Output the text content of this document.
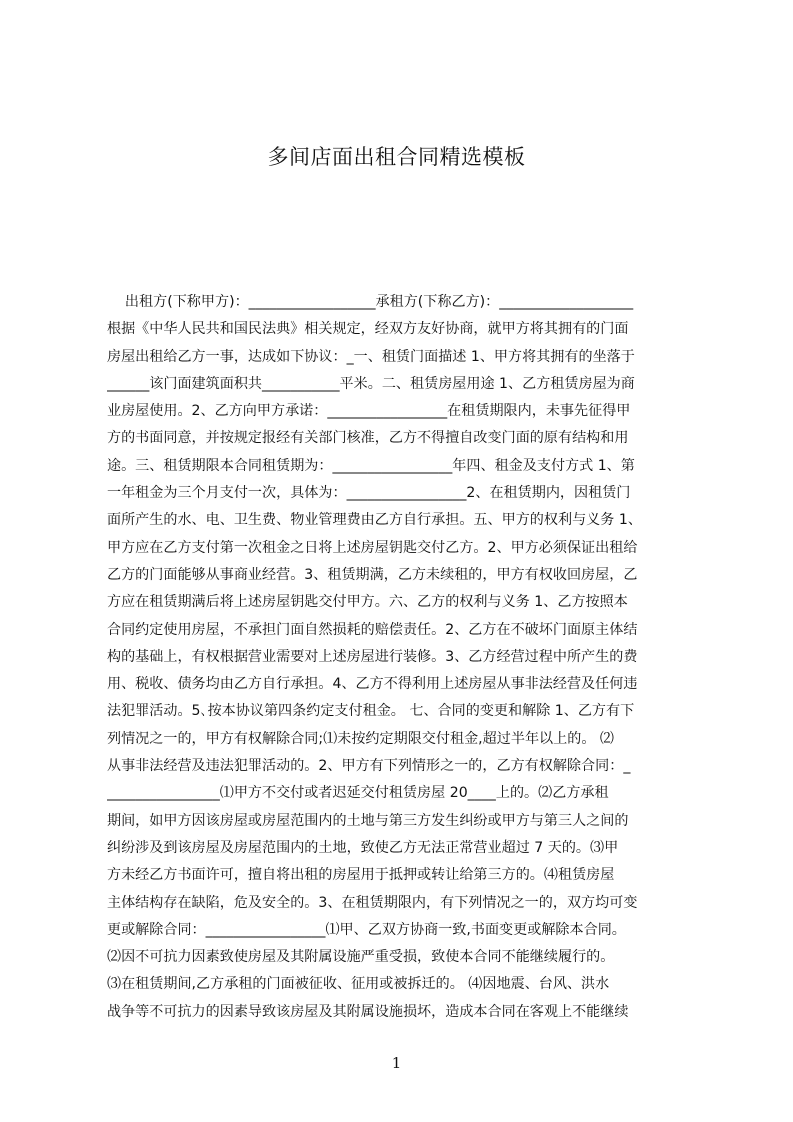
多间店面出租合同精选模板
出租方(下称甲方)：__________________承租方(下称乙方)：___________________
根据《中华人民共和国民法典》相关规定，经双方友好协商，就甲方将其拥有的门面
房屋出租给乙方一事，达成如下协议：_一、租赁门面描述 1、甲方将其拥有的坐落于
______该门面建筑面积共___________平米。二、租赁房屋用途 1、乙方租赁房屋为商
业房屋使用。2、乙方向甲方承诺：_________________在租赁期限内，未事先征得甲
方的书面同意，并按规定报经有关部门核准，乙方不得擅自改变门面的原有结构和用
途。三、租赁期限本合同租赁期为：_________________年四、租金及支付方式 1、第
一年租金为三个月支付一次，具体为：_________________2、在租赁期内，因租赁门
面所产生的水、电、卫生费、物业管理费由乙方自行承担。五、甲方的权利与义务 1、
甲方应在乙方支付第一次租金之日将上述房屋钥匙交付乙方。2、甲方必须保证出租给
乙方的门面能够从事商业经营。3、租赁期满，乙方未续租的，甲方有权收回房屋，乙
方应在租赁期满后将上述房屋钥匙交付甲方。六、乙方的权利与义务 1、乙方按照本
合同约定使用房屋，不承担门面自然损耗的赔偿责任。2、乙方在不破坏门面原主体结
构的基础上，有权根据营业需要对上述房屋进行装修。3、乙方经营过程中所产生的费
用、税收、债务均由乙方自行承担。4、乙方不得利用上述房屋从事非法经营及任何违
法犯罪活动。5､按本协议第四条约定支付租金。 七、合同的变更和解除 1、乙方有下
列情况之一的，甲方有权解除合同;⑴未按约定期限交付租金,超过半年以上的。 ⑵
从事非法经营及违法犯罪活动的。2、甲方有下列情形之一的，乙方有权解除合同：_
________________⑴甲方不交付或者迟延交付租赁房屋 20____上的。⑵乙方承租
期间，如甲方因该房屋或房屋范围内的土地与第三方发生纠纷或甲方与第三人之间的
纠纷涉及到该房屋及房屋范围内的土地，致使乙方无法正常营业超过 7 天的。⑶甲
方未经乙方书面许可，擅自将出租的房屋用于抵押或转让给第三方的。⑷租赁房屋
主体结构存在缺陷，危及安全的。3、在租赁期限内，有下列情况之一的，双方均可变
更或解除合同：_________________⑴甲、乙双方协商一致,书面变更或解除本合同。
⑵因不可抗力因素致使房屋及其附属设施严重受损，致使本合同不能继续履行的。
⑶在租赁期间,乙方承租的门面被征收、征用或被拆迁的。 ⑷因地震、台风、洪水
战争等不可抗力的因素导致该房屋及其附属设施损坏，造成本合同在客观上不能继续
1
